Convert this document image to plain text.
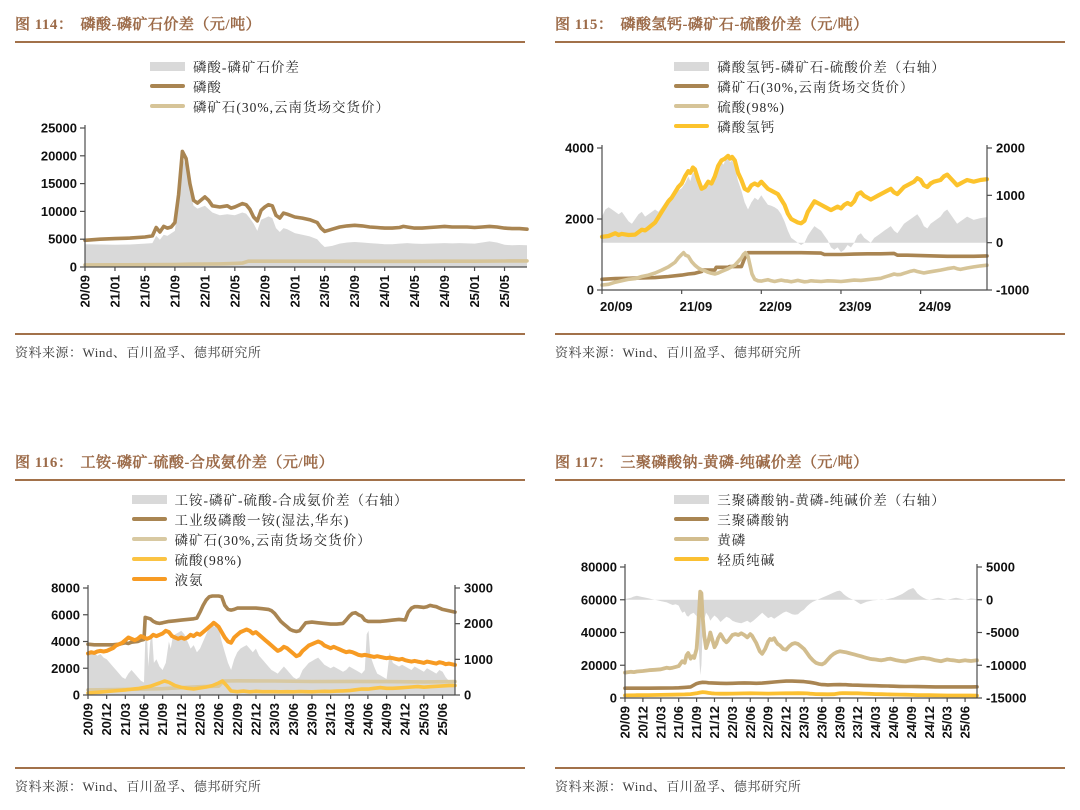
图 114： 磷酸-磷矿石价差（元/吨）
磷酸-磷矿石价差
磷酸
磷矿石(30%,云南货场交货价）
0
5000
10000
15000
20000
25000
20/09 21/01 21/05 21/09 22/01 22/05 22/09 23/01 23/05 23/09 24/01 24/05 24/09 25/01 25/05
资料来源：Wind、百川盈孚、德邦研究所
图 115： 磷酸氢钙-磷矿石-硫酸价差（元/吨）
磷酸氢钙-磷矿石-硫酸价差（右轴）
磷矿石(30%,云南货场交货价）
硫酸(98%)
磷酸氢钙
0
2000
4000
-1000
0
1000
2000
20/09	21/09	22/09	23/09	24/09
资料来源：Wind、百川盈孚、德邦研究所
图 116： 工铵-磷矿-硫酸-合成氨价差（元/吨）
工铵-磷矿-硫酸-合成氨价差（右轴）
工业级磷酸一铵(湿法,华东)
磷矿石(30%,云南货场交货价）
硫酸(98%)
液氨
0
2000
4000
6000
8000
0
1000
2000
3000
20/09 20/12 21/03 21/06 21/09 21/12 22/03 22/06 22/09 22/12 23/03 23/06 23/09 23/12 24/03 24/06 24/09 24/12 25/03 25/06
资料来源：Wind、百川盈孚、德邦研究所
图 117： 三聚磷酸钠-黄磷-纯碱价差（元/吨）
三聚磷酸钠-黄磷-纯碱价差（右轴）
三聚磷酸钠
黄磷
轻质纯碱
0
20000
40000
60000
80000
-15000
-10000
-5000
0
5000
20/09 20/12 21/03 21/06 21/09 21/12 22/03 22/06 22/09 22/12 23/03 23/06 23/09 23/12 24/03 24/06 24/09 24/12 25/03 25/06
资料来源：Wind、百川盈孚、德邦研究所
